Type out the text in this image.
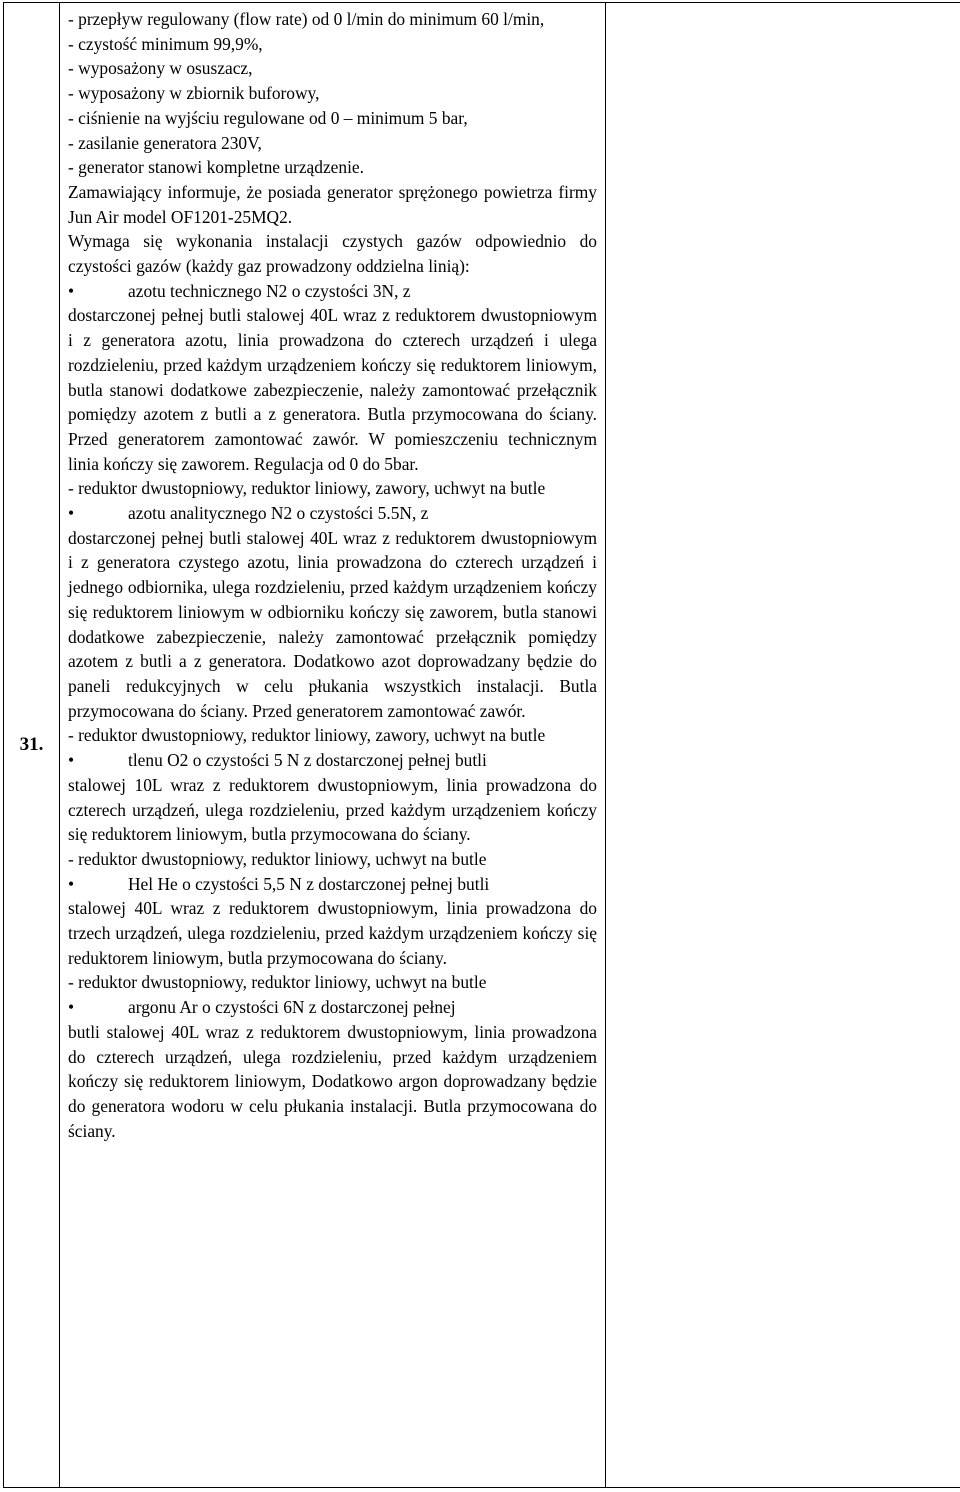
31.	

- przepływ regulowany (flow rate) od 0 l/min do minimum 60 l/min,

- czystość minimum 99,9%,

- wyposażony w osuszacz,

- wyposażony w zbiornik buforowy,

- ciśnienie na wyjściu regulowane od 0 – minimum 5 bar,

- zasilanie generatora 230V,

- generator stanowi kompletne urządzenie.

Zamawiający informuje, że posiada generator sprężonego powietrza firmy Jun Air model OF1201-25MQ2.

Wymaga się wykonania instalacji czystych gazów odpowiednio do czystości gazów (każdy gaz prowadzony oddzielna linią):

•	azotu technicznego N2 o czystości 3N, z

dostarczonej pełnej butli stalowej 40L wraz z reduktorem dwustopniowym i z generatora azotu, linia prowadzona do czterech urządzeń i ulega rozdzieleniu, przed każdym urządzeniem kończy się reduktorem liniowym, butla stanowi dodatkowe zabezpieczenie, należy zamontować przełącznik pomiędzy azotem z butli a z generatora. Butla przymocowana do ściany. Przed generatorem zamontować zawór. W pomieszczeniu technicznym linia kończy się zaworem. Regulacja od 0 do 5bar.

- reduktor dwustopniowy, reduktor liniowy, zawory, uchwyt na butle

•	azotu analitycznego N2 o czystości 5.5N, z

dostarczonej pełnej butli stalowej 40L wraz z reduktorem dwustopniowym i z generatora czystego azotu, linia prowadzona do czterech urządzeń i jednego odbiornika, ulega rozdzieleniu, przed każdym urządzeniem kończy się reduktorem liniowym w odbiorniku kończy się zaworem, butla stanowi dodatkowe zabezpieczenie, należy zamontować przełącznik pomiędzy azotem z butli a z generatora. Dodatkowo azot doprowadzany będzie do paneli redukcyjnych w celu płukania wszystkich instalacji. Butla przymocowana do ściany. Przed generatorem zamontować zawór.

- reduktor dwustopniowy, reduktor liniowy, zawory, uchwyt na butle

•	tlenu O2 o czystości 5 N z dostarczonej pełnej butli

stalowej 10L wraz z reduktorem dwustopniowym, linia prowadzona do czterech urządzeń, ulega rozdzieleniu, przed każdym urządzeniem kończy się reduktorem liniowym, butla przymocowana do ściany.

- reduktor dwustopniowy, reduktor liniowy, uchwyt na butle

•	Hel He o czystości 5,5 N z dostarczonej pełnej butli

stalowej 40L wraz z reduktorem dwustopniowym, linia prowadzona do trzech urządzeń, ulega rozdzieleniu, przed każdym urządzeniem kończy się reduktorem liniowym, butla przymocowana do ściany.

- reduktor dwustopniowy, reduktor liniowy, uchwyt na butle

•	argonu Ar o czystości 6N z dostarczonej pełnej

butli stalowej 40L wraz z reduktorem dwustopniowym, linia prowadzona do czterech urządzeń, ulega rozdzieleniu, przed każdym urządzeniem kończy się reduktorem liniowym, Dodatkowo argon doprowadzany będzie do generatora wodoru w celu płukania instalacji. Butla przymocowana do ściany.
